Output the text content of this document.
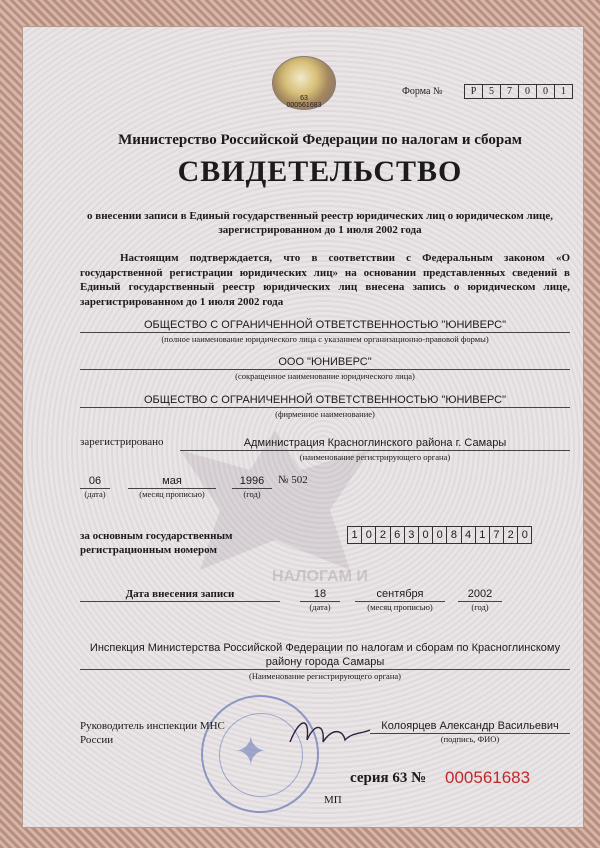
НАЛОГАМ И
63 000561683
Форма №	Р	5	7	0	0	1
Министерство Российской Федерации по налогам и сборам
СВИДЕТЕЛЬСТВО
о внесении записи в Единый государственный реестр юридических лиц о юридическом лице, зарегистрированном до 1 июля 2002 года
Настоящим подтверждается, что в соответствии с Федеральным законом «О государственной регистрации юридических лиц» на основании представленных сведений в Единый государственный реестр юридических лиц внесена запись о юридическом лице, зарегистрированном до 1 июля 2002 года
ОБЩЕСТВО С ОГРАНИЧЕННОЙ ОТВЕТСТВЕННОСТЬЮ "ЮНИВЕРС"
(полное наименование юридического лица с указанием организационно-правовой формы)
ООО "ЮНИВЕРС"
(сокращенное наименование юридического лица)
ОБЩЕСТВО С ОГРАНИЧЕННОЙ ОТВЕТСТВЕННОСТЬЮ "ЮНИВЕРС"
(фирменное наименование)
зарегистрировано	Администрация Красноглинского района г. Самары
(наименование регистрирующего органа)
06
(дата)
мая
(месяц прописью)
1996
(год)
№ 502
за основным государственным регистрационным номером
1 0 2 6 3 0 0 8 4 1 7 2 0
Дата внесения записи	18
(дата)
сентября
(месяц прописью)
2002
(год)
Инспекция Министерства Российской Федерации по налогам и сборам по Красноглинскому району города Самары
(Наименование регистрирующего органа)
✦
Руководитель инспекции МНС России
Колоярцев Александр Васильевич
(подпись, ФИО)
серия 63 № 000561683
МП
